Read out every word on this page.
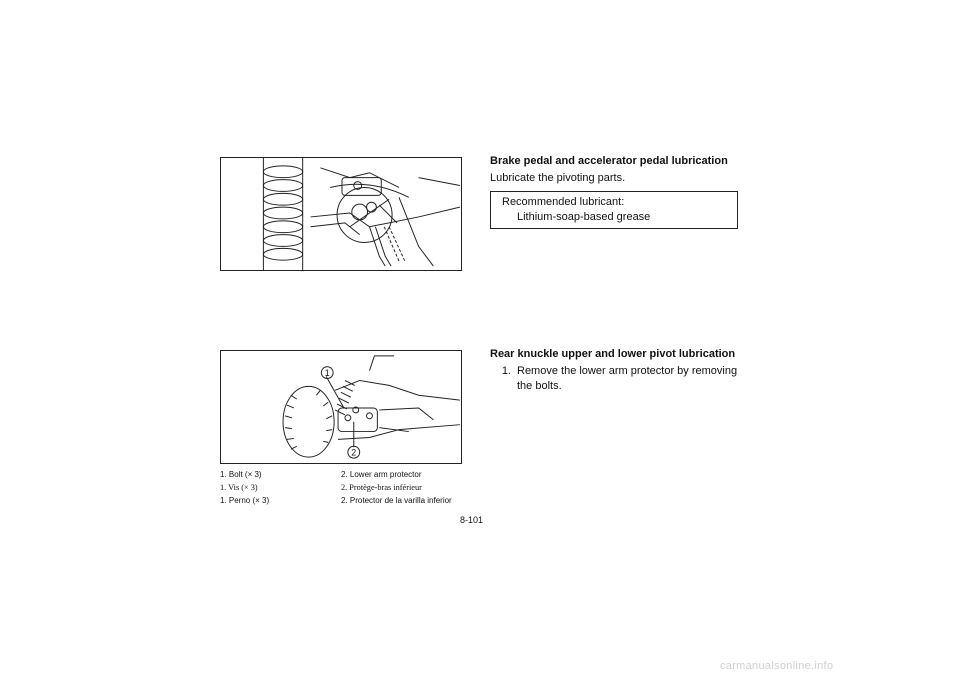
1
2
1. Bolt (× 3)	2. Lower arm protector
1. Vis (× 3)	2. Protège-bras inférieur
1. Perno (× 3)	2. Protector de la varilla inferior
Brake pedal and accelerator pedal lubrication

Lubricate the pivoting parts.

Recommended lubricant:
Lithium-soap-based grease
Rear knuckle upper and lower pivot lubrication
1. Remove the lower arm protector by removing the bolts.
8-101
carmanualsonline.info
